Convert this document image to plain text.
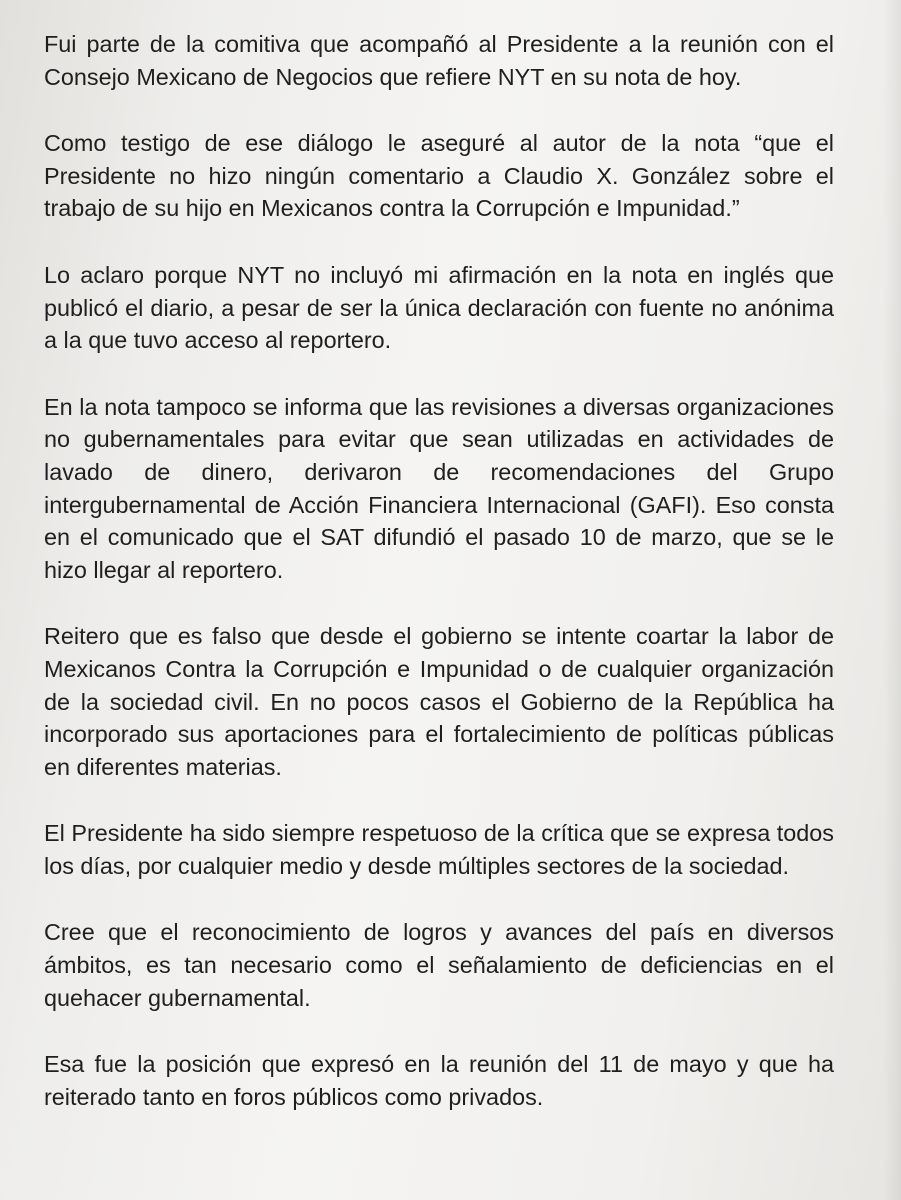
Fui parte de la comitiva que acompañó al Presidente a la reunión con el Consejo Mexicano de Negocios que refiere NYT en su nota de hoy.

Como testigo de ese diálogo le aseguré al autor de la nota “que el Presidente no hizo ningún comentario a Claudio X. González sobre el trabajo de su hijo en Mexicanos contra la Corrupción e Impunidad.”

Lo aclaro porque NYT no incluyó mi afirmación en la nota en inglés que publicó el diario, a pesar de ser la única declaración con fuente no anónima a la que tuvo acceso al reportero.

En la nota tampoco se informa que las revisiones a diversas organizaciones no gubernamentales para evitar que sean utilizadas en actividades de lavado de dinero, derivaron de recomendaciones del Grupo intergubernamental de Acción Financiera Internacional (GAFI). Eso consta en el comunicado que el SAT difundió el pasado 10 de marzo, que se le hizo llegar al reportero.

Reitero que es falso que desde el gobierno se intente coartar la labor de Mexicanos Contra la Corrupción e Impunidad o de cualquier organización de la sociedad civil. En no pocos casos el Gobierno de la República ha incorporado sus aportaciones para el fortalecimiento de políticas públicas en diferentes materias.

El Presidente ha sido siempre respetuoso de la crítica que se expresa todos los días, por cualquier medio y desde múltiples sectores de la sociedad.

Cree que el reconocimiento de logros y avances del país en diversos ámbitos, es tan necesario como el señalamiento de deficiencias en el quehacer gubernamental.

Esa fue la posición que expresó en la reunión del 11 de mayo y que ha reiterado tanto en foros públicos como privados.
